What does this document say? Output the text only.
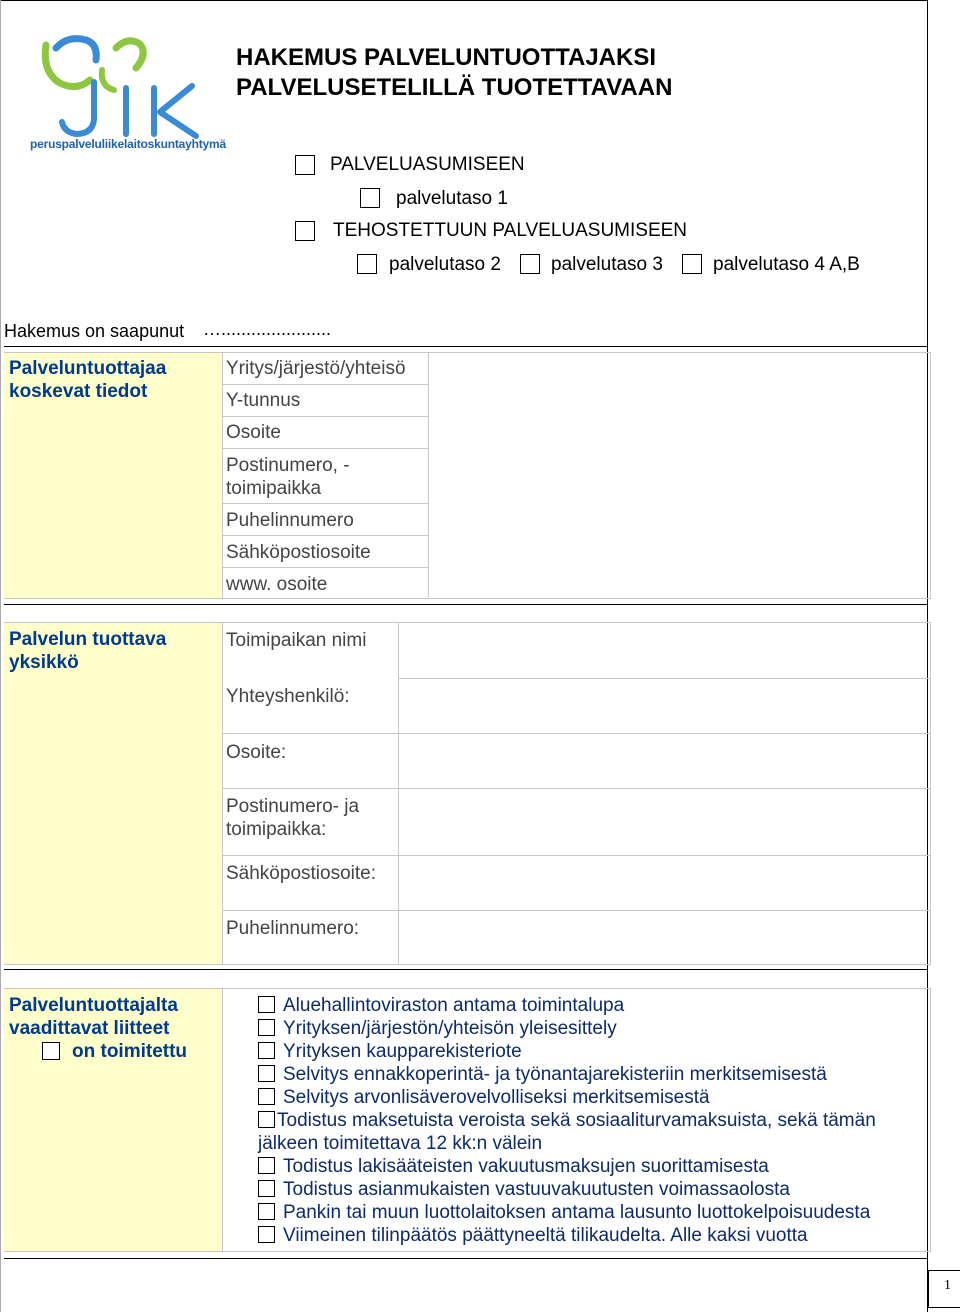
peruspalveluliikelaitoskuntayhtymä
HAKEMUS PALVELUNTUOTTAJAKSI
PALVELUSETELILLÄ TUOTETTAVAAN
PALVELUASUMISEEN
palvelutaso 1
TEHOSTETTUUN PALVELUASUMISEEN
palvelutaso 2	palvelutaso 3	palvelutaso 4 A,B
Hakemus on saapunut …......................
Palveluntuottajaa koskevat tiedot
Yritys/järjestö/yhteisö
Y-tunnus
Osoite
Postinumero, - toimipaikka
Puhelinnumero
Sähköpostiosoite
www. osoite
Palvelun tuottava yksikkö
Toimipaikan nimi
Yhteyshenkilö:
Osoite:
Postinumero- ja toimipaikka:
Sähköpostiosoite:
Puhelinnumero:
Palveluntuottajalta vaadittavat liitteet
on toimitettu
Aluehallintoviraston antama toimintalupa
Yrityksen/järjestön/yhteisön yleisesittely
Yrityksen kaupparekisteriote
Selvitys ennakkoperintä- ja työnantajarekisteriin merkitsemisestä
Selvitys arvonlisäverovelvolliseksi merkitsemisestä
Todistus maksetuista veroista sekä sosiaaliturvamaksuista, sekä tämän
jälkeen toimitettava 12 kk:n välein
Todistus lakisääteisten vakuutusmaksujen suorittamisesta
Todistus asianmukaisten vastuuvakuutusten voimassaolosta
Pankin tai muun luottolaitoksen antama lausunto luottokelpoisuudesta
Viimeinen tilinpäätös päättyneeltä tilikaudelta. Alle kaksi vuotta
1
